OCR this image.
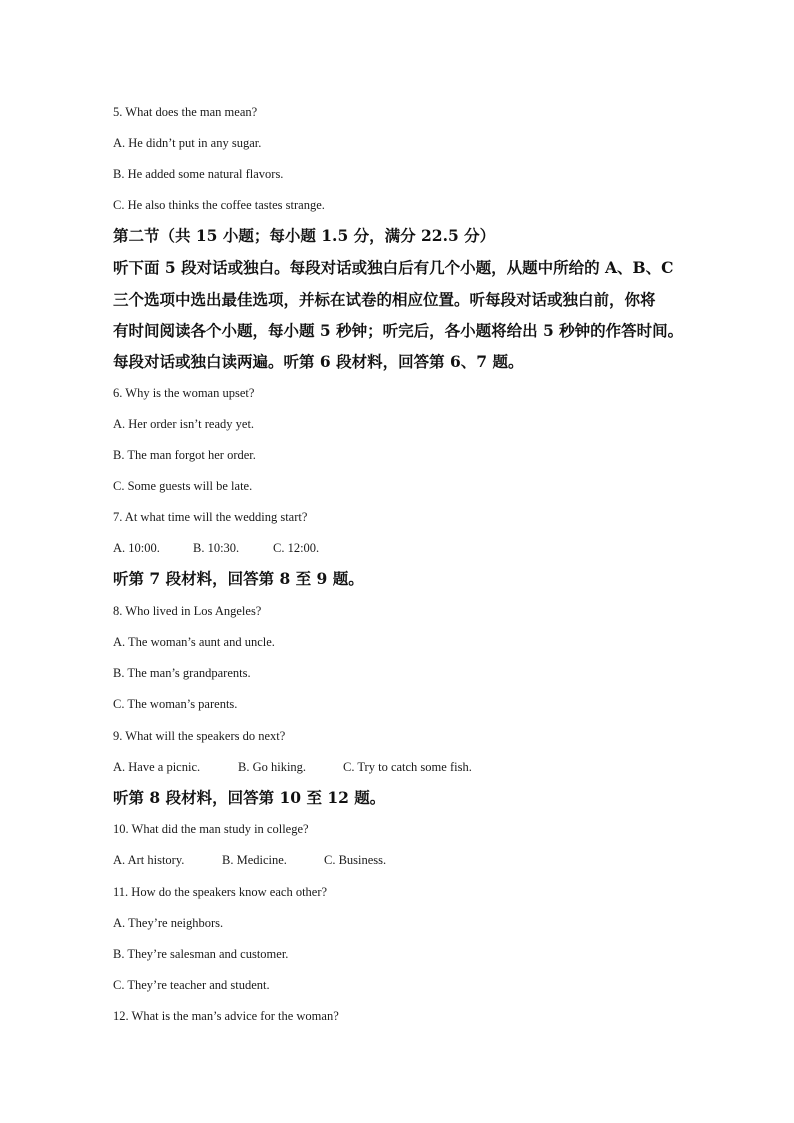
5. What does the man mean?
A. He didn’t put in any sugar.
B. He added some natural flavors.
C. He also thinks the coffee tastes strange.
第二节（共 15 小题；每小题 1.5 分，满分 22.5 分）
听下面 5 段对话或独白。每段对话或独白后有几个小题，从题中所给的 A、B、C
三个选项中选出最佳选项，并标在试卷的相应位置。听每段对话或独白前，你将
有时间阅读各个小题，每小题 5 秒钟；听完后，各小题将给出 5 秒钟的作答时间。
每段对话或独白读两遍。听第 6 段材料，回答第 6、7 题。
6. Why is the woman upset?
A. Her order isn’t ready yet.
B. The man forgot her order.
C. Some guests will be late.
7. At what time will the wedding start?
A. 10:00.	B. 10:30.	C. 12:00.
听第 7 段材料，回答第 8 至 9 题。
8. Who lived in Los Angeles?
A. The woman’s aunt and uncle.
B. The man’s grandparents.
C. The woman’s parents.
9. What will the speakers do next?
A. Have a picnic.	B. Go hiking.	C. Try to catch some fish.
听第 8 段材料，回答第 10 至 12 题。
10. What did the man study in college?
A. Art history.	B. Medicine.	C. Business.
11. How do the speakers know each other?
A. They’re neighbors.
B. They’re salesman and customer.
C. They’re teacher and student.
12. What is the man’s advice for the woman?
